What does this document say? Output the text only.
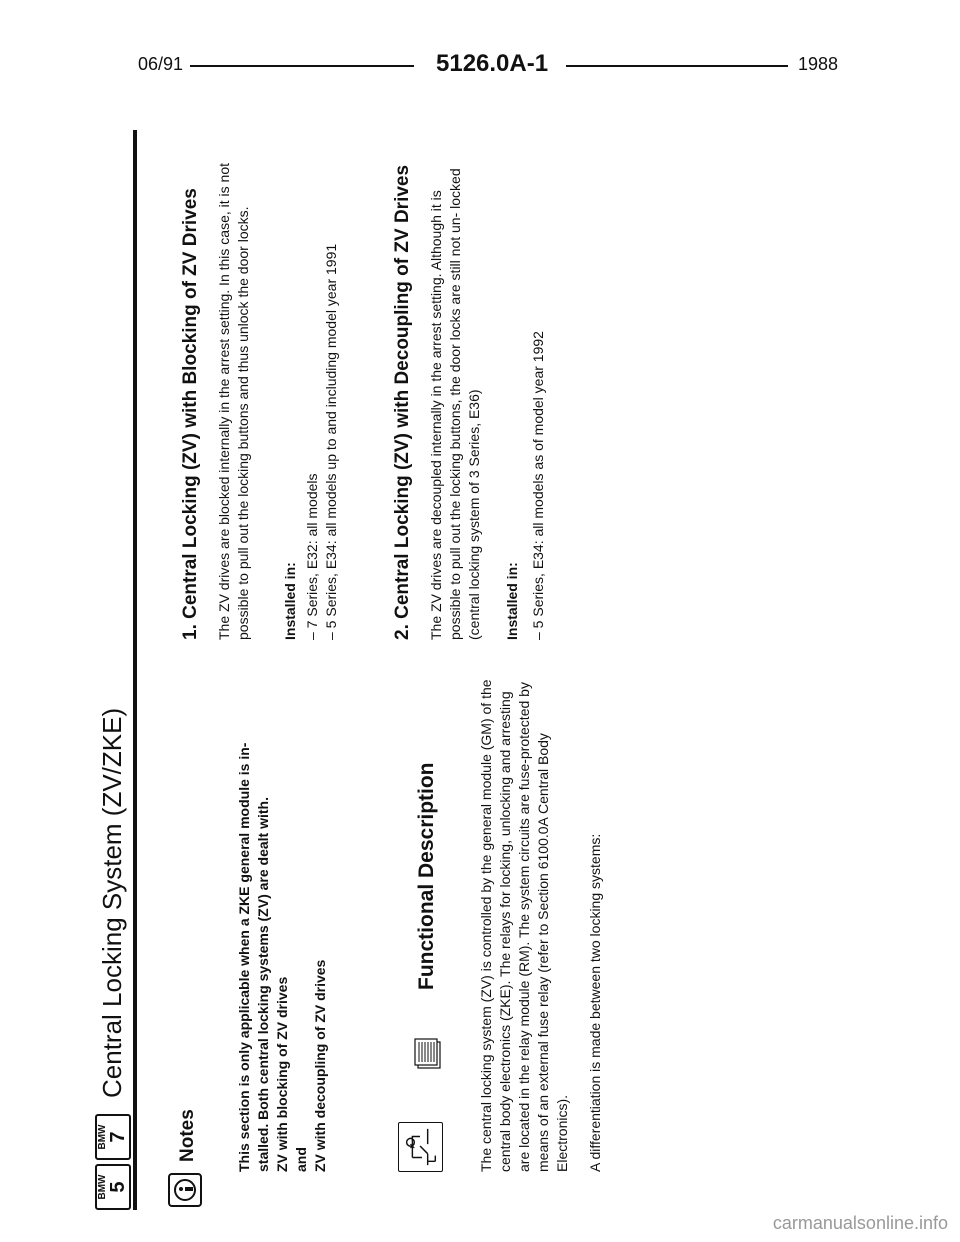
06/91	5126.0A-1	1988
BMW 5
BMW 7
Central Locking System (ZV/ZKE)
Notes	This section is only applicable when a ZKE general module is in- stalled. Both central locking systems (ZV) are dealt with. ZV with blocking of ZV drives and ZV with decoupling of ZV drives

Functional Description	The central locking system (ZV) is controlled by the general module (GM) of the central body electronics (ZKE). The relays for locking, unlocking and arresting are located in the relay module (RM). The system circuits are fuse-protected by means of an external fuse relay (refer to Section 6100.0A Central Body Electronics). A differentiation is made between two locking systems:

1. Central Locking (ZV) with Blocking of ZV Drives The ZV drives are blocked internally in the arrest setting. In this case, it is not possible to pull out the locking buttons and thus unlock the door locks. Installed in: – 7 Series, E32: all models – 5 Series, E34: all models up to and including model year 1991	2. Central Locking (ZV) with Decoupling of ZV Drives The ZV drives are decoupled internally in the arrest setting. Although it is possible to pull out the locking buttons, the door locks are still not un- locked (central locking system of 3 Series, E36) Installed in: – 5 Series, E34: all models as of model year 1992

carmanualsonline.info
